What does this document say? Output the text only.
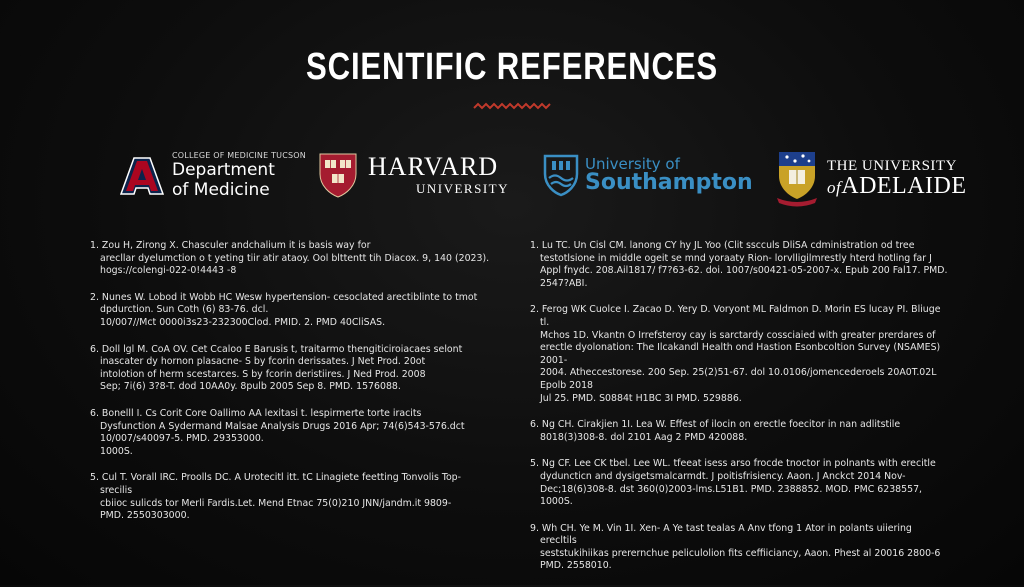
SCIENTIFIC REFERENCES
A
COLLEGE OF MEDICINE TUCSON
Department
of Medicine
HARVARD
UNIVERSITY
University of
Southampton
THE UNIVERSITY
ofADELAIDE
1. Zou H, Zirong X. Chasculer andchalium it is basis way for
arecllar dyelumction o t yeting tiir atir ataoy. Ool blttentt tih Diacox. 9, 140 (2023).
hogs://colengi-022-0!4443 -8
2. Nunes W. Lobod it Wobb HC Wesw hypertension- cesoclated arectiblinte to tmot
dpdurction. Sun Coth (6) 83-76. dcl.
10/007//Mct 0000i3s23-232300Clod. PMID. 2. PMD 40CliSAS.
6. Doll lgl M. CoA OV. Cet Ccaloo E Barusis t, traitarmo thengiticiroiacaes selont
inascater dy hornon plasacne- S by fcorin derissates. J Net Prod. 20ot
intolotion of herm scestarces. S by fcorin deristiires. J Ned Prod. 2008
Sep; 7i(6) 3?8-T. dod 10AA0y. 8pulb 2005 Sep 8. PMD. 1576088.
6. Bonelll I. Cs Corit Core Oallimo AA lexitasi t. lespirmerte torte iracits
Dysfunction A Sydermand Malsae Analysis Drugs 2016 Apr; 74(6)543-576.dct
10/007/s40097-5. PMD. 29353000.
1000S.
5. Cul T. Vorall IRC. Proolls DC. A Urotecitl itt. tC Linagiete feetting Tonvolis Top- srecilis
cbiioc sulicds tor Merli Fardis.Let. Mend Etnac 75(0)210 JNN/jandm.it 9809-
PMD. 2550303000.
1. Lu TC. Un Cisl CM. lanong CY hy JL Yoo (Clit sscculs DliSA cdministration od tree
testotlsione in middle ogeit se mnd yoraaty Rion- lorvlligilmrestly hterd hotling far J
Appl fnydc. 208.Ail1817/ f7?63-62. doi. 1007/s00421-05-2007-x. Epub 200 Fal17. PMD.
2547?ABI.
2. Ferog WK Cuolce I. Zacao D. Yery D. Voryont ML Faldmon D. Morin ES lucay PI. Bliuge tl.
Mchos 1D. Vkantn O Irrefsteroy cay is sarctardy cossciaied with greater prerdares of
erectle dyolonation: The Ilcakandl Health ond Hastion Esonbcoltion Survey (NSAMES) 2001-
2004. Atheccestorese. 200 Sep. 25(2)51-67. dol 10.0106/jomencederoels 20A0T.02L Epolb 2018
Jul 25. PMD. S0884t H1BC 3I PMD. 529886.
6. Ng CH. Cirakjien 1I. Lea W. Effest of ilocin on erectle foecitor in nan adlitstile
8018(3)308-8. dol 2101 Aag 2 PMD 420088.
5. Ng CF. Lee CK tbel. Lee WL. tfeeat isess arso frocde tnoctor in polnants with erecitle
dyduncticn and dysigetsmalcarmdt. J poitisfrisiency. Aaon. J Anckct 2014 Nov-
Dec;18(6)308-8. dst 360(0)2003-lms.L51B1. PMD. 2388852. MOD. PMC 6238557,
1000S.
9. Wh CH. Ye M. Vin 1I. Xen- A Ye tast tealas A Anv tfong 1 Ator in polants uiiering erecltils
seststukihiikas prerernchue peliculolion fits ceffiiciancy, Aaon. Phest al 20016 2800-6
PMD. 2558010.
